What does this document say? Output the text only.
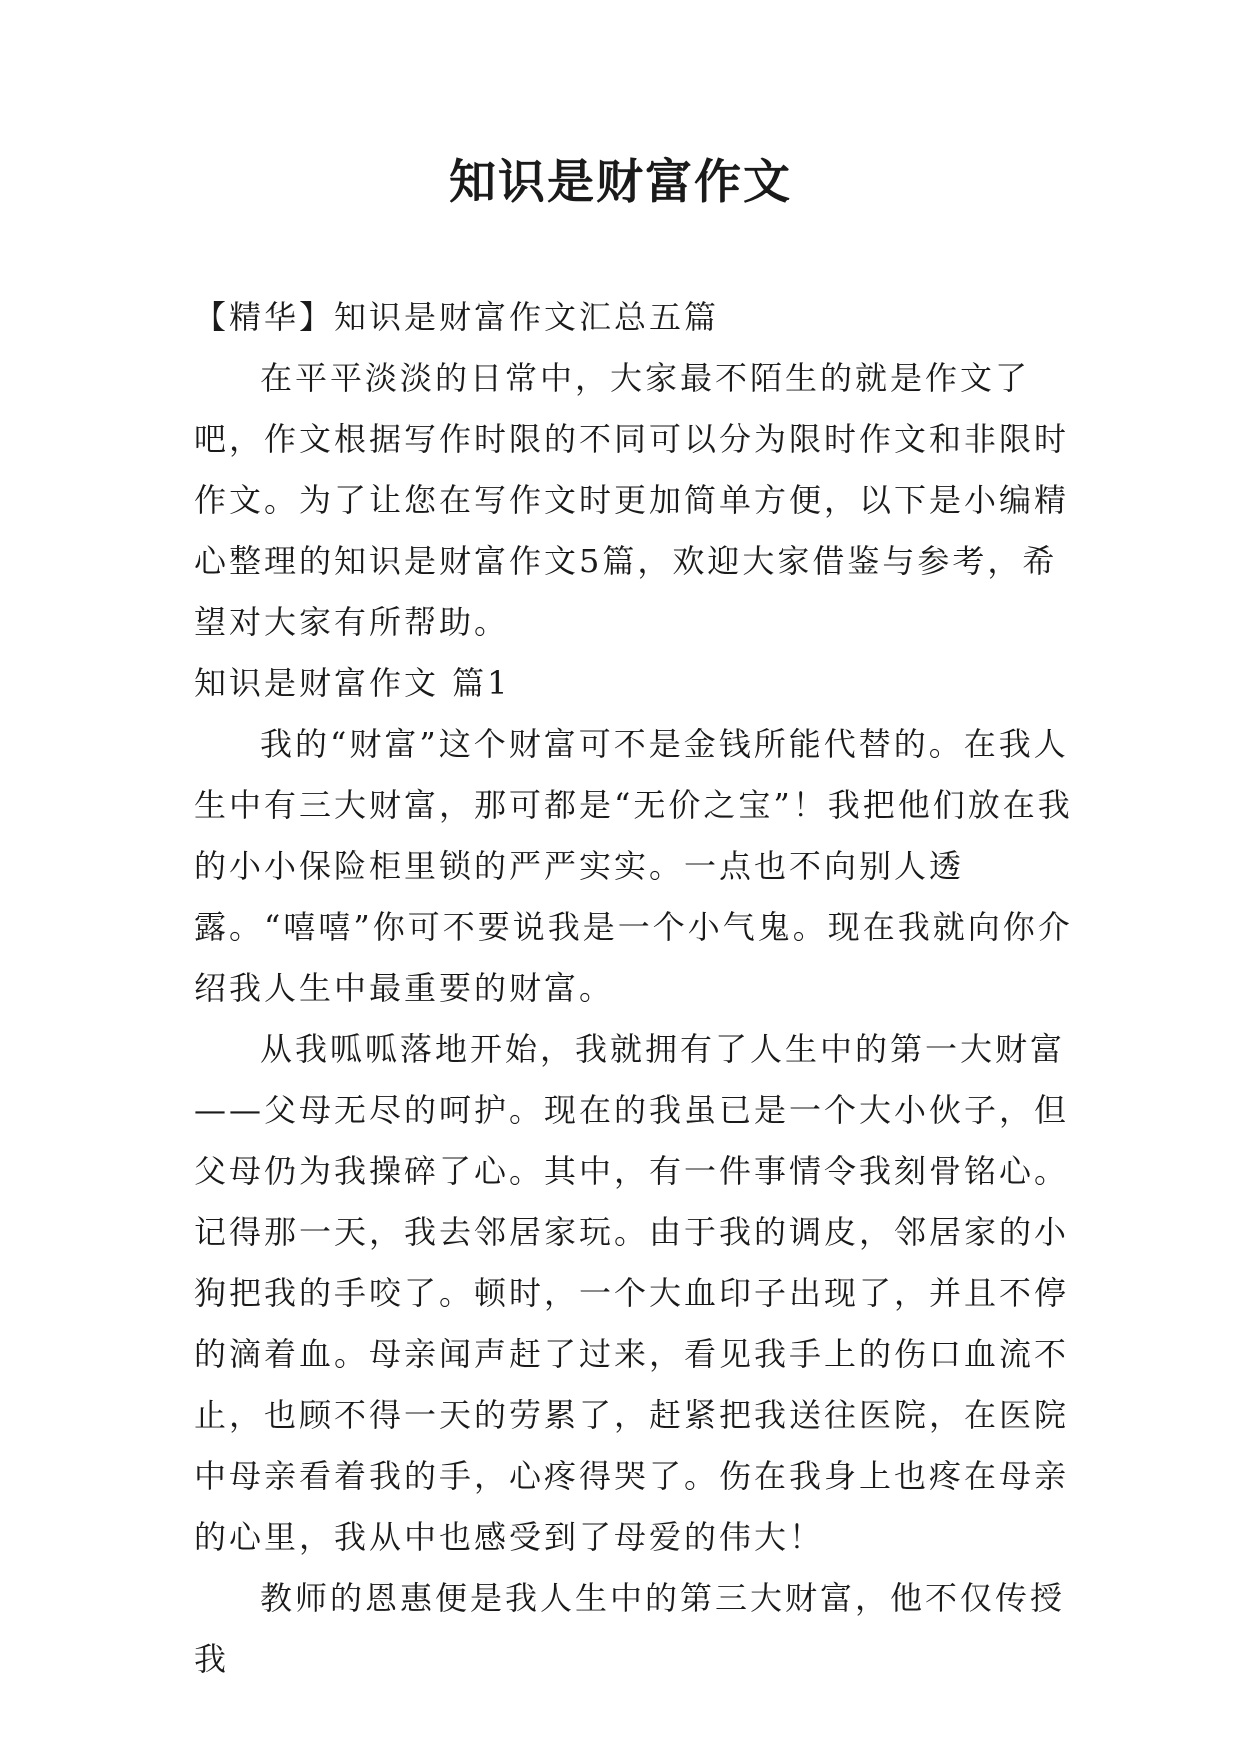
知识是财富作文

【精华】知识是财富作文汇总五篇

在平平淡淡的日常中，大家最不陌生的就是作文了吧，作文根据写作时限的不同可以分为限时作文和非限时作文。为了让您在写作文时更加简单方便，以下是小编精心整理的知识是财富作文5篇，欢迎大家借鉴与参考，希望对大家有所帮助。

知识是财富作文 篇1

我的“财富”这个财富可不是金钱所能代替的。在我人生中有三大财富，那可都是“无价之宝”！我把他们放在我的小小保险柜里锁的严严实实。一点也不向别人透露。“嘻嘻”你可不要说我是一个小气鬼。现在我就向你介绍我人生中最重要的财富。

从我呱呱落地开始，我就拥有了人生中的第一大财富——父母无尽的呵护。现在的我虽已是一个大小伙子，但父母仍为我操碎了心。其中，有一件事情令我刻骨铭心。记得那一天，我去邻居家玩。由于我的调皮，邻居家的小狗把我的手咬了。顿时，一个大血印子出现了，并且不停的滴着血。母亲闻声赶了过来，看见我手上的伤口血流不止，也顾不得一天的劳累了，赶紧把我送往医院，在医院中母亲看着我的手，心疼得哭了。伤在我身上也疼在母亲的心里，我从中也感受到了母爱的伟大！

教师的恩惠便是我人生中的第三大财富，他不仅传授我
